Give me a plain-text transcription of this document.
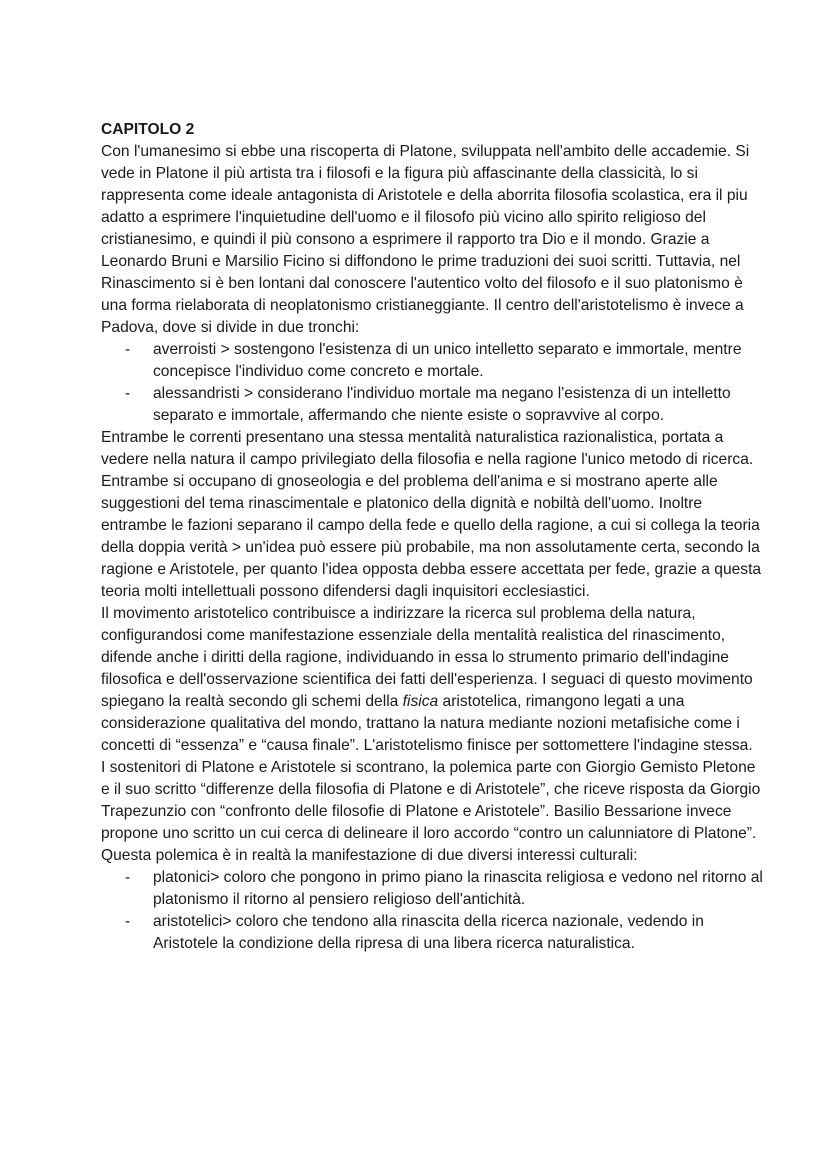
CAPITOLO 2

Con l'umanesimo si ebbe una riscoperta di Platone, sviluppata nell'ambito delle accademie. Si vede in Platone il più artista tra i filosofi e la figura più affascinante della classicità, lo si rappresenta come ideale antagonista di Aristotele e della aborrita filosofia scolastica, era il piu adatto a esprimere l'inquietudine dell'uomo e il filosofo più vicino allo spirito religioso del cristianesimo, e quindi il più consono a esprimere il rapporto tra Dio e il mondo. Grazie a Leonardo Bruni e Marsilio Ficino si diffondono le prime traduzioni dei suoi scritti. Tuttavia, nel Rinascimento si è ben lontani dal conoscere l'autentico volto del filosofo e il suo platonismo è una forma rielaborata di neoplatonismo cristianeggiante. Il centro dell'aristotelismo è invece a Padova, dove si divide in due tronchi:

- averroisti > sostengono l'esistenza di un unico intelletto separato e immortale, mentre concepisce l'individuo come concreto e mortale.
- alessandristi > considerano l'individuo mortale ma negano l'esistenza di un intelletto separato e immortale, affermando che niente esiste o sopravvive al corpo.

Entrambe le correnti presentano una stessa mentalità naturalistica razionalistica, portata a vedere nella natura il campo privilegiato della filosofia e nella ragione l'unico metodo di ricerca. Entrambe si occupano di gnoseologia e del problema dell'anima e si mostrano aperte alle suggestioni del tema rinascimentale e platonico della dignità e nobiltà dell'uomo. Inoltre entrambe le fazioni separano il campo della fede e quello della ragione, a cui si collega la teoria della doppia verità > un'idea può essere più probabile, ma non assolutamente certa, secondo la ragione e Aristotele, per quanto l'idea opposta debba essere accettata per fede, grazie a questa teoria molti intellettuali possono difendersi dagli inquisitori ecclesiastici.

Il movimento aristotelico contribuisce a indirizzare la ricerca sul problema della natura, configurandosi come manifestazione essenziale della mentalità realistica del rinascimento, difende anche i diritti della ragione, individuando in essa lo strumento primario dell'indagine filosofica e dell'osservazione scientifica dei fatti dell'esperienza. I seguaci di questo movimento spiegano la realtà secondo gli schemi della fisica aristotelica, rimangono legati a una considerazione qualitativa del mondo, trattano la natura mediante nozioni metafisiche come i concetti di “essenza” e “causa finale”. L'aristotelismo finisce per sottomettere l'indagine stessa.

I sostenitori di Platone e Aristotele si scontrano, la polemica parte con Giorgio Gemisto Pletone e il suo scritto “differenze della filosofia di Platone e di Aristotele”, che riceve risposta da Giorgio Trapezunzio con “confronto delle filosofie di Platone e Aristotele”. Basilio Bessarione invece propone uno scritto un cui cerca di delineare il loro accordo “contro un calunniatore di Platone”. Questa polemica è in realtà la manifestazione di due diversi interessi culturali:

- platonici> coloro che pongono in primo piano la rinascita religiosa e vedono nel ritorno al platonismo il ritorno al pensiero religioso dell'antichità.
- aristotelici> coloro che tendono alla rinascita della ricerca nazionale, vedendo in Aristotele la condizione della ripresa di una libera ricerca naturalistica.
